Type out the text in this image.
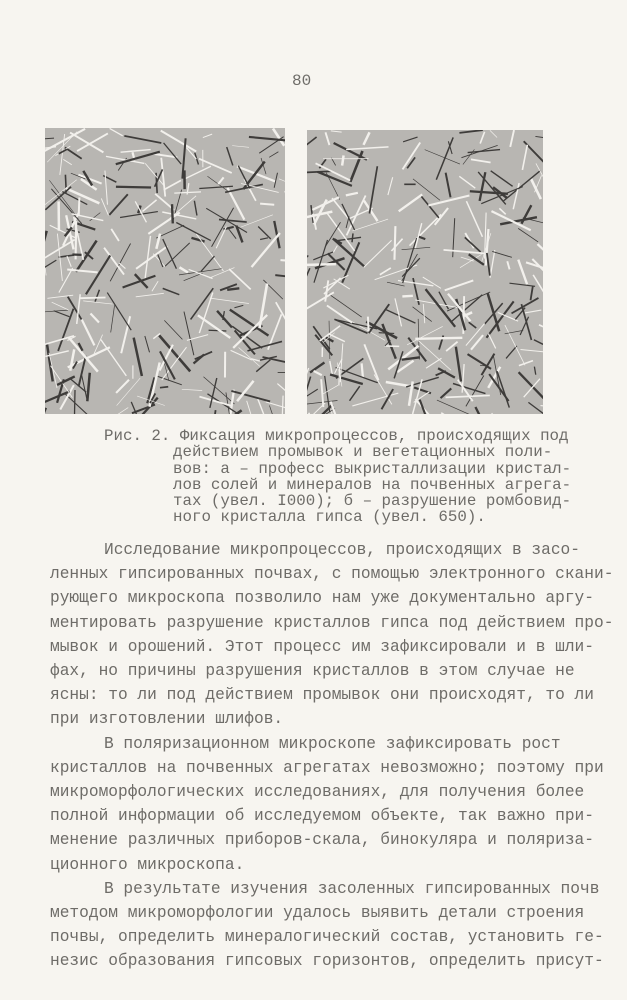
80
Рис. 2. Фиксация микропроцессов, происходящих под
действием промывок и вегетационных поли-
вов: а – професс выкристаллизации кристал-
лов солей и минералов на почвенных агрега-
тах (увел. I000); б – разрушение ромбовид-
ного кристалла гипса (увел. 650).
Исследование микропроцессов, происходящих в засо-
ленных гипсированных почвах, с помощью электронного скани-
рующего микроскопа позволило нам уже документально аргу-
ментировать разрушение кристаллов гипса под действием про-
мывок и орошений. Этот процесс им зафиксировали и в шли-
фах, но причины разрушения кристаллов в этом случае не
ясны: то ли под действием промывок они происходят, то ли
при изготовлении шлифов.
В поляризационном микроскопе зафиксировать рост
кристаллов на почвенных агрегатах невозможно; поэтому при
микроморфологических исследованиях, для получения более
полной информации об исследуемом объекте, так важно при-
менение различных приборов-скала, бинокуляра и поляриза-
ционного микроскопа.
В результате изучения засоленных гипсированных почв
методом микроморфологии удалось выявить детали строения
почвы, определить минералогический состав, установить ге-
незис образования гипсовых горизонтов, определить присут-
